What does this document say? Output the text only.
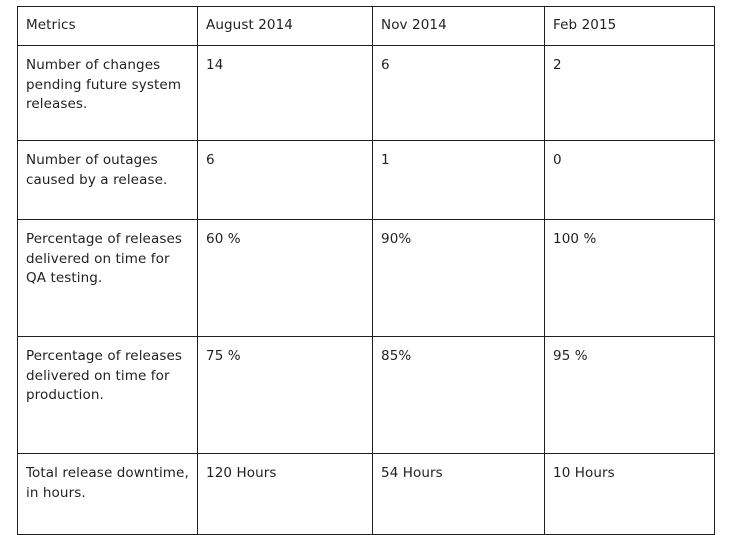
Metrics	August 2014	Nov 2014	Feb 2015

Number of changes pending future system releases.	14	6	2

Number of outages caused by a release.	6	1	0

Percentage of releases delivered on time for QA testing.	60 %	90%	100 %

Percentage of releases delivered on time for production.	75 %	85%	95 %

Total release downtime, in hours.	120 Hours	54 Hours	10 Hours
